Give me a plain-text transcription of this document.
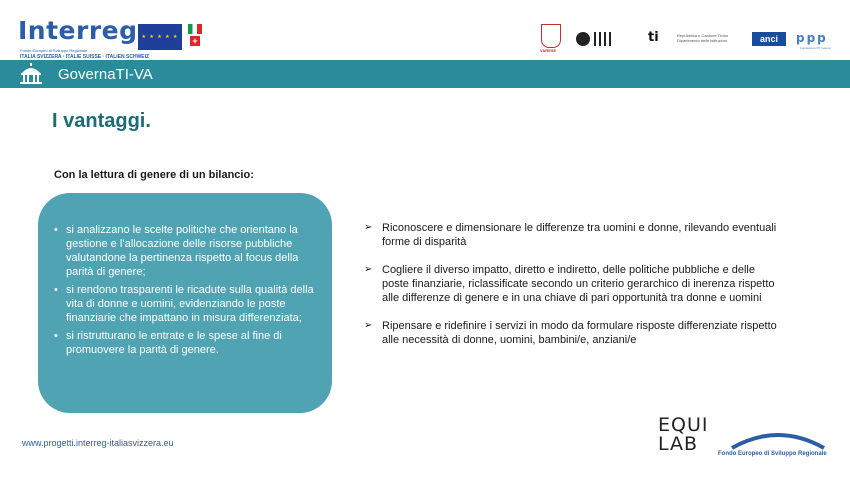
Interreg ★ ★ ★ ★ ★	+
Fondo Europeo di Sviluppo Regionale
ITALIA SVIZZERA · ITALIE SUISSE · ITALIEN SCHWEIZ
VARESE
ti	Repubblica e Cantone Ticino Dipartimento delle istituzioni	anci	ppp
Fondazione PP Lavoro
GovernaTI-VA
I vantaggi.
Con la lettura di genere di un bilancio:
• si analizzano le scelte politiche che orientano la gestione e l’allocazione delle risorse pubbliche valutandone la pertinenza rispetto al focus della parità di genere;
• si rendono trasparenti le ricadute sulla qualità della vita di donne e uomini, evidenziando le poste finanziarie che impattano in misura differenziata;
• si ristrutturano le entrate e le spese al fine di promuovere la parità di genere.
➢ Riconoscere e dimensionare le differenze tra uomini e donne, rilevando eventuali forme di disparità
➢ Cogliere il diverso impatto, diretto e indiretto, delle politiche pubbliche e delle poste finanziarie, riclassificate secondo un criterio gerarchico di inerenza rispetto alle differenze di genere e in una chiave di pari opportunità tra donne e uomini
➢ Ripensare e ridefinire i servizi in modo da formulare risposte differenziate rispetto alle necessità di donne, uomini, bambini/e, anziani/e
www.progetti.interreg-italiasvizzera.eu
EQUI
LAB	Fondo Europeo di Sviluppo Regionale
